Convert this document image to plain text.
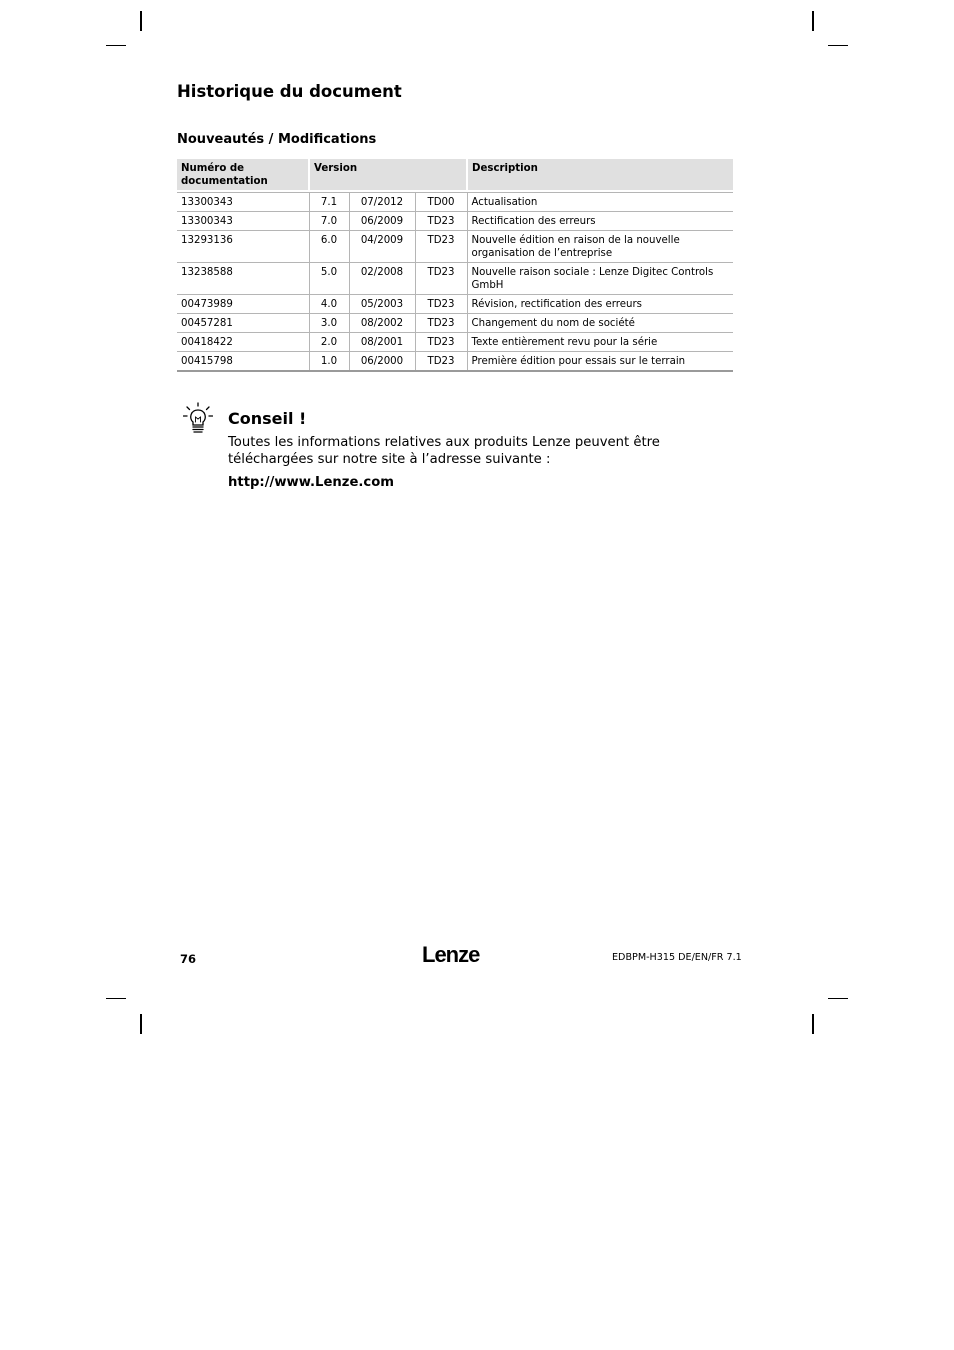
Historique du document
Nouveautés / Modifications
Numéro de documentation	Version			Description

13300343	7.1	07/2012	TD00	Actualisation
13300343	7.0	06/2009	TD23	Rectification des erreurs
13293136	6.0	04/2009	TD23	Nouvelle édition en raison de la nouvelle organisation de l’entreprise
13238588	5.0	02/2008	TD23	Nouvelle raison sociale : Lenze Digitec Controls GmbH
00473989	4.0	05/2003	TD23	Révision, rectification des erreurs
00457281	3.0	08/2002	TD23	Changement du nom de société
00418422	2.0	08/2001	TD23	Texte entièrement revu pour la série
00415798	1.0	06/2000	TD23	Première édition pour essais sur le terrain
Conseil !
Toutes les informations relatives aux produits Lenze peuvent être téléchargées sur notre site à l’adresse suivante :
http://www.Lenze.com
76	Lenze	EDBPM-H315 DE/EN/FR 7.1
